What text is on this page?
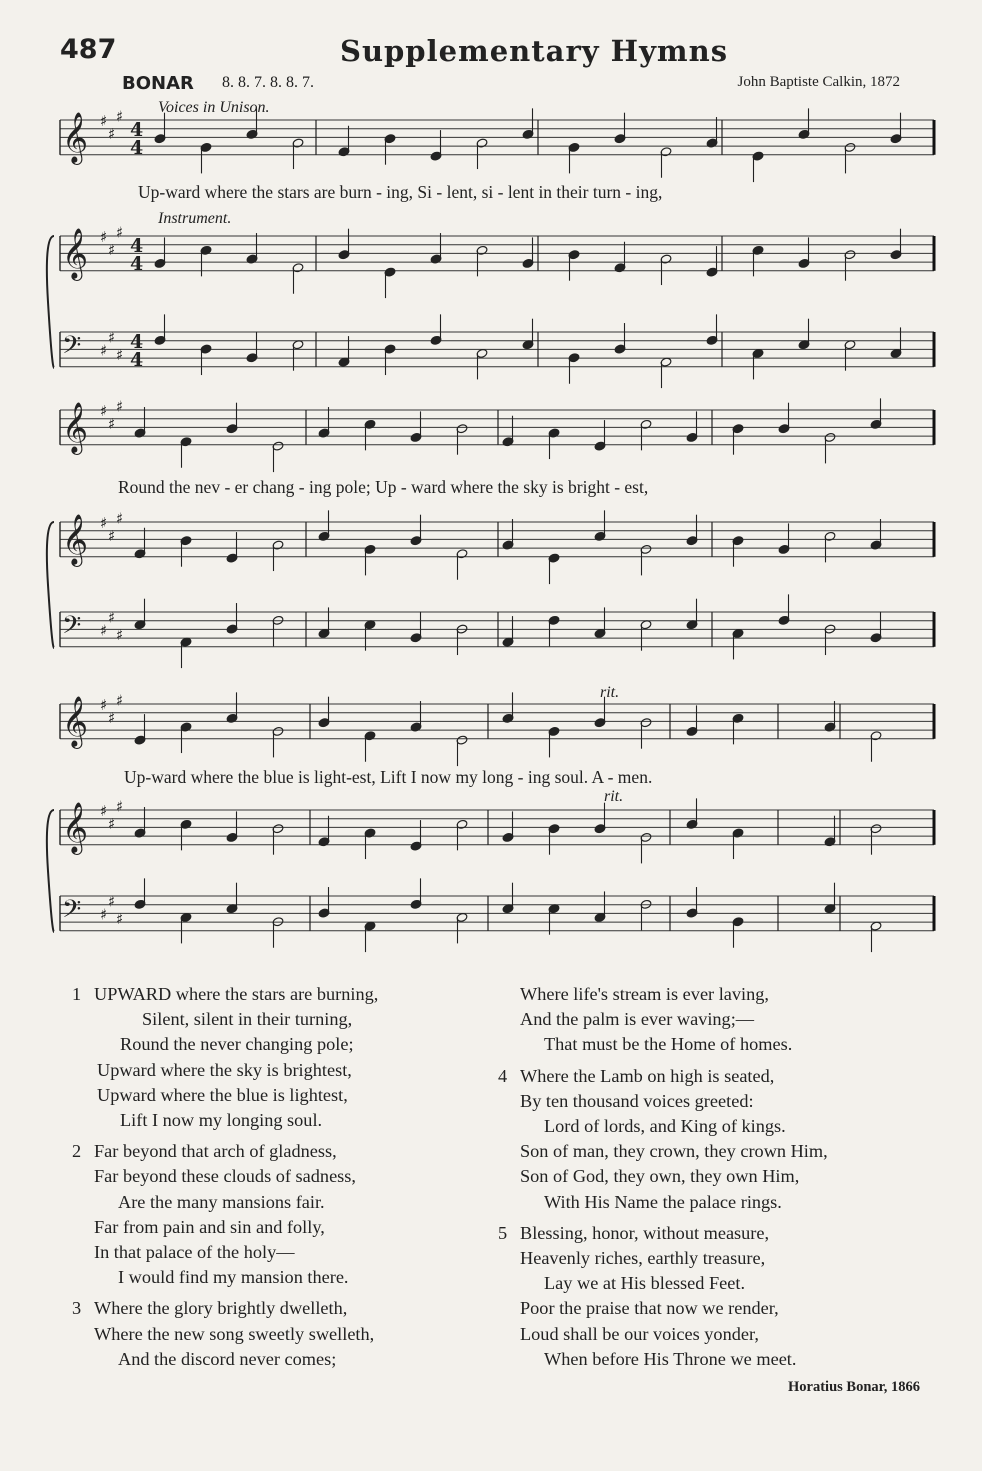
487	Supplementary Hymns
BONAR 8. 8. 7. 8. 8. 7.	John Baptiste Calkin, 1872
𝄞 ♯
♯
♯
4
4
𝄞 ♯
♯
♯
4
4
𝄢 ♯
♯
♯
4
4
𝄞 ♯
♯
♯
𝄞 ♯
♯
♯
𝄢 ♯
♯
♯
𝄞 ♯
♯
♯
𝄞 ♯
♯
♯
𝄢 ♯
♯
♯
Voices in Unison.
Instrument.
rit.
rit.
Up-ward where the stars are burn - ing, Si - lent, si - lent in their turn - ing,
Round the nev - er chang - ing pole; Up - ward where the sky is bright - est,
Up-ward where the blue is light-est, Lift I now my long - ing soul. A - men.
1 UPWARD where the stars are burning,
Silent, silent in their turning,
Round the never changing pole;
Upward where the sky is brightest,
Upward where the blue is lightest,
Lift I now my longing soul.
2 Far beyond that arch of gladness,
Far beyond these clouds of sadness,
Are the many mansions fair.
Far from pain and sin and folly,
In that palace of the holy—
I would find my mansion there.
3 Where the glory brightly dwelleth,
Where the new song sweetly swelleth,
And the discord never comes;
Where life's stream is ever laving,
And the palm is ever waving;—
That must be the Home of homes.
4 Where the Lamb on high is seated,
By ten thousand voices greeted:
Lord of lords, and King of kings.
Son of man, they crown, they crown Him,
Son of God, they own, they own Him,
With His Name the palace rings.
5 Blessing, honor, without measure,
Heavenly riches, earthly treasure,
Lay we at His blessed Feet.
Poor the praise that now we render,
Loud shall be our voices yonder,
When before His Throne we meet.
Horatius Bonar, 1866
